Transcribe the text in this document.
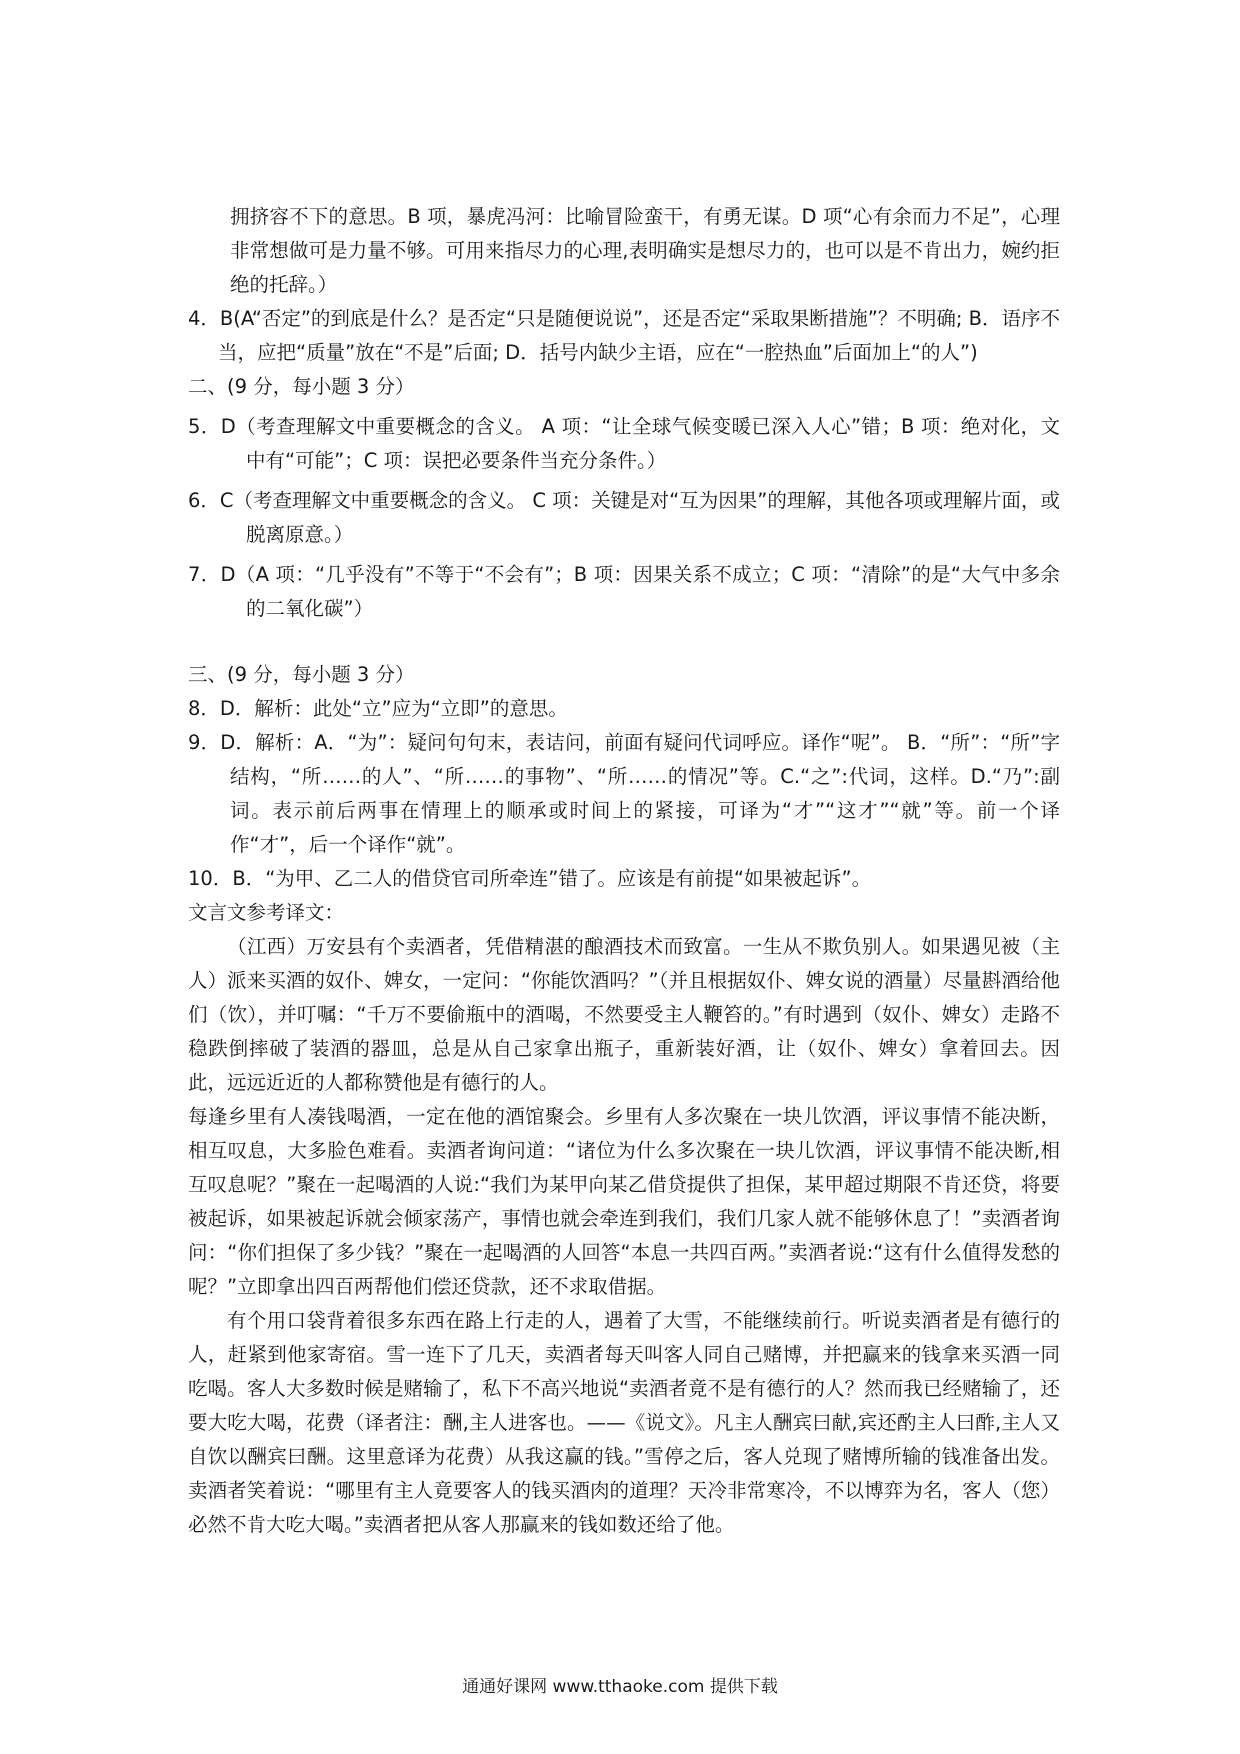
拥挤容不下的意思。B 项，暴虎冯河：比喻冒险蛮干，有勇无谋。D 项“心有余而力不足”，心理非常想做可是力量不够。可用来指尽力的心理,表明确实是想尽力的，也可以是不肯出力，婉约拒绝的托辞。）

4．B(A“否定”的到底是什么？是否定“只是随便说说”，还是否定“采取果断措施”？不明确; B．语序不当，应把“质量”放在“不是”后面; D．括号内缺少主语，应在“一腔热血”后面加上“的人”)

二、(9 分，每小题 3 分）

5．D（考查理解文中重要概念的含义。 A 项：“让全球气候变暖已深入人心”错；B 项：绝对化，文中有“可能”；C 项：误把必要条件当充分条件。）

6．C（考查理解文中重要概念的含义。 C 项：关键是对“互为因果”的理解，其他各项或理解片面，或脱离原意。）

7．D（A 项：“几乎没有”不等于“不会有”；B 项：因果关系不成立；C 项：“清除”的是“大气中多余的二氧化碳”）

三、(9 分，每小题 3 分）

8．D．解析：此处“立”应为“立即”的意思。

9．D．解析：A．“为”：疑问句句末，表诘问，前面有疑问代词呼应。译作“呢”。 B．“所”：“所”字结构，“所……的人”、“所……的事物”、“所……的情况”等。C.“之”:代词，这样。D.“乃”:副词。表示前后两事在情理上的顺承或时间上的紧接，可译为“才”“这才”“就”等。前一个译作“才”，后一个译作“就”。

10．B．“为甲、乙二人的借贷官司所牵连”错了。应该是有前提“如果被起诉”。

文言文参考译文：

（江西）万安县有个卖酒者，凭借精湛的酿酒技术而致富。一生从不欺负别人。如果遇见被（主人）派来买酒的奴仆、婢女，一定问：“你能饮酒吗？”（并且根据奴仆、婢女说的酒量）尽量斟酒给他们（饮），并叮嘱：“千万不要偷瓶中的酒喝，不然要受主人鞭笞的。”有时遇到（奴仆、婢女）走路不稳跌倒摔破了装酒的器皿，总是从自己家拿出瓶子，重新装好酒，让（奴仆、婢女）拿着回去。因此，远远近近的人都称赞他是有德行的人。

每逢乡里有人凑钱喝酒，一定在他的酒馆聚会。乡里有人多次聚在一块儿饮酒，评议事情不能决断，相互叹息，大多脸色难看。卖酒者询问道：“诸位为什么多次聚在一块儿饮酒，评议事情不能决断,相互叹息呢？”聚在一起喝酒的人说:“我们为某甲向某乙借贷提供了担保，某甲超过期限不肯还贷，将要被起诉，如果被起诉就会倾家荡产，事情也就会牵连到我们，我们几家人就不能够休息了！”卖酒者询问：“你们担保了多少钱？”聚在一起喝酒的人回答“本息一共四百两。”卖酒者说:“这有什么值得发愁的呢？”立即拿出四百两帮他们偿还贷款，还不求取借据。

有个用口袋背着很多东西在路上行走的人，遇着了大雪，不能继续前行。听说卖酒者是有德行的人，赶紧到他家寄宿。雪一连下了几天，卖酒者每天叫客人同自己赌博，并把赢来的钱拿来买酒一同吃喝。客人大多数时候是赌输了，私下不高兴地说“卖酒者竟不是有德行的人？然而我已经赌输了，还要大吃大喝，花费（译者注：酬,主人进客也。——《说文》。凡主人酬宾曰献,宾还酌主人曰酢,主人又自饮以酬宾曰酬。这里意译为花费）从我这赢的钱。”雪停之后，客人兑现了赌博所输的钱准备出发。卖酒者笑着说：“哪里有主人竟要客人的钱买酒肉的道理？天冷非常寒冷，不以博弈为名，客人（您）必然不肯大吃大喝。”卖酒者把从客人那赢来的钱如数还给了他。

通通好课网 www.tthaoke.com 提供下载
